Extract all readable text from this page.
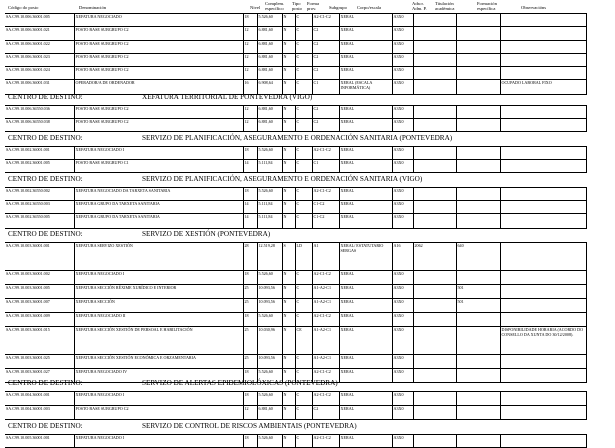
Código do posto	Denominación	Nivel
Complem. específico
Tipo posto
Forma prov.	Subgrupo Corpo/escala
Adscr. Adm. P.
Titulación académica
Formación específica	Observacións
SA.C99.10.006.36001.005	XEFATURA NEGOCIADO	18	5.526,60	N	C	A2-C1-C2	XERAL	A3X0			
SA.C99.10.006.36001.021	POSTO BASE SUBGRUPO C2	12	6.881,60	N	C	C2	XERAL	A3X0			
SA.C99.10.006.36001.022	POSTO BASE SUBGRUPO C2	12	6.881,60	N	C	C2	XERAL	A3X0			
SA.C99.10.006.36001.023	POSTO BASE SUBGRUPO C2	12	6.881,60	N	C	C2	XERAL	A3X0			
SA.C99.10.006.36001.024	POSTO BASE SUBGRUPO C2	12	6.881,60	N	C	C2	XERAL	A3X0			
SA.C99.10.006.36001.031	OPERADOR/A DE ORDENADOR	16	6.908,64	N	C	C1	XERAL (ESCALA INFORMÁTICA)	A3X0			OCUPADO LABORAL FIXO
CENTRO DE DESTINO:	XEFATURA TERRITORIAL DE PONTEVEDRA (VIGO)
SA.C99.10.006.36550.036	POSTO BASE SUBGRUPO C2	12	6.881,60	N	C	C2	XERAL	A3X0			
SA.C99.10.006.36550.038	POSTO BASE SUBGRUPO C2	12	6.881,60	N	C	C2	XERAL	A3X0			
CENTRO DE DESTINO:	SERVIZO DE PLANIFICACIÓN, ASEGURAMENTO E ORDENACIÓN SANITARIA (PONTEVEDRA)
SA.C99.10.002.36001.001	XEFATURA NEGOCIADO I	18	5.526,60	N	C	A2-C1-C2	XERAL	A3X0			
SA.C99.10.002.36001.005	POSTO BASE SUBGRUPO C1	14	5.111,84	N	C	C1	XERAL	A3X0			
CENTRO DE DESTINO:	SERVIZO DE PLANIFICACIÓN, ASEGURAMENTO E ORDENACIÓN SANITARIA (VIGO)
SA.C99.10.002.36550.002	XEFATURA NEGOCIADO DA TARXETA SANITARIA	18	5.526,60	N	C	A2-C1-C2	XERAL	A3X0			
SA.C99.10.002.36550.003	XEFATURA GRUPO DA TARXETA SANITARIA	14	5.111,84	N	C	C1-C2	XERAL	A3X0			
SA.C99.10.002.36550.005	XEFATURA GRUPO DA TARXETA SANITARIA	14	5.111,84	N	C	C1-C2	XERAL	A3X0			
CENTRO DE DESTINO:	SERVIZO DE XESTIÓN (PONTEVEDRA)
SA.C99.10.003.36001.001	XEFATURA SERVIZO XESTIÓN	28	12.519,28	S	LD	A1	XERAL/ ESTATUTARIO SERGAS	A16	2062	640	
SA.C99.10.003.36001.002	XEFATURA NEGOCIADO I	18	5.526,60	N	C	A2-C1-C2	XERAL	A3X0			
SA.C99.10.003.36001.005	XEFATURA SECCIÓN RÉXIME XURÍDICO E INTERIOR	25	10.093,56	N	C	A1-A2-C1	XERAL	A3X0		501	
SA.C99.10.003.36001.007	XEFATURA SECCIÓN	25	10.093,56	N	C	A1-A2-C1	XERAL	A3X0		501	
SA.C99.10.003.36001.009	XEFATURA NEGOCIADO II	18	5.526,60	N	C	A2-C1-C2	XERAL	A3X0			
SA.C99.10.003.36001.015	XEFATURA SECCIÓN XESTIÓN DE PERSOAL E HABILITACIÓN	25	10.030,96	N	CE	A1-A2-C1	XERAL	A3X0			DISPONIBILIDADE HORARIA (ACORDO DO CONSELLO DA XUNTA DO 30/12/2008).
SA.C99.10.003.36001.025	XEFATURA SECCIÓN XESTIÓN ECONÓMICA E ORZAMENTARIA	25	10.093,56	N	C	A1-A2-C1	XERAL	A3X0			
SA.C99.10.003.36001.027	XEFATURA NEGOCIADO IV	18	5.526,60	N	C	A2-C1-C2	XERAL	A3X0			
CENTRO DE DESTINO:	SERVIZO DE ALERTAS EPIDEMIOLÓXICAS (PONTEVEDRA)
SA.C99.10.004.36001.001	XEFATURA NEGOCIADO I	18	5.526,60	N	C	A2-C1-C2	XERAL	A3X0			
SA.C99.10.004.36001.003	POSTO BASE SUBGRUPO C2	12	6.881,60	N	C	C2	XERAL	A3X0			
CENTRO DE DESTINO:	SERVIZO DE CONTROL DE RISCOS AMBIENTAIS (PONTEVEDRA)
SA.C99.10.005.36001.001	XEFATURA NEGOCIADO I	18	5.526,60	N	C	A2-C1-C2	XERAL	A3X0			
